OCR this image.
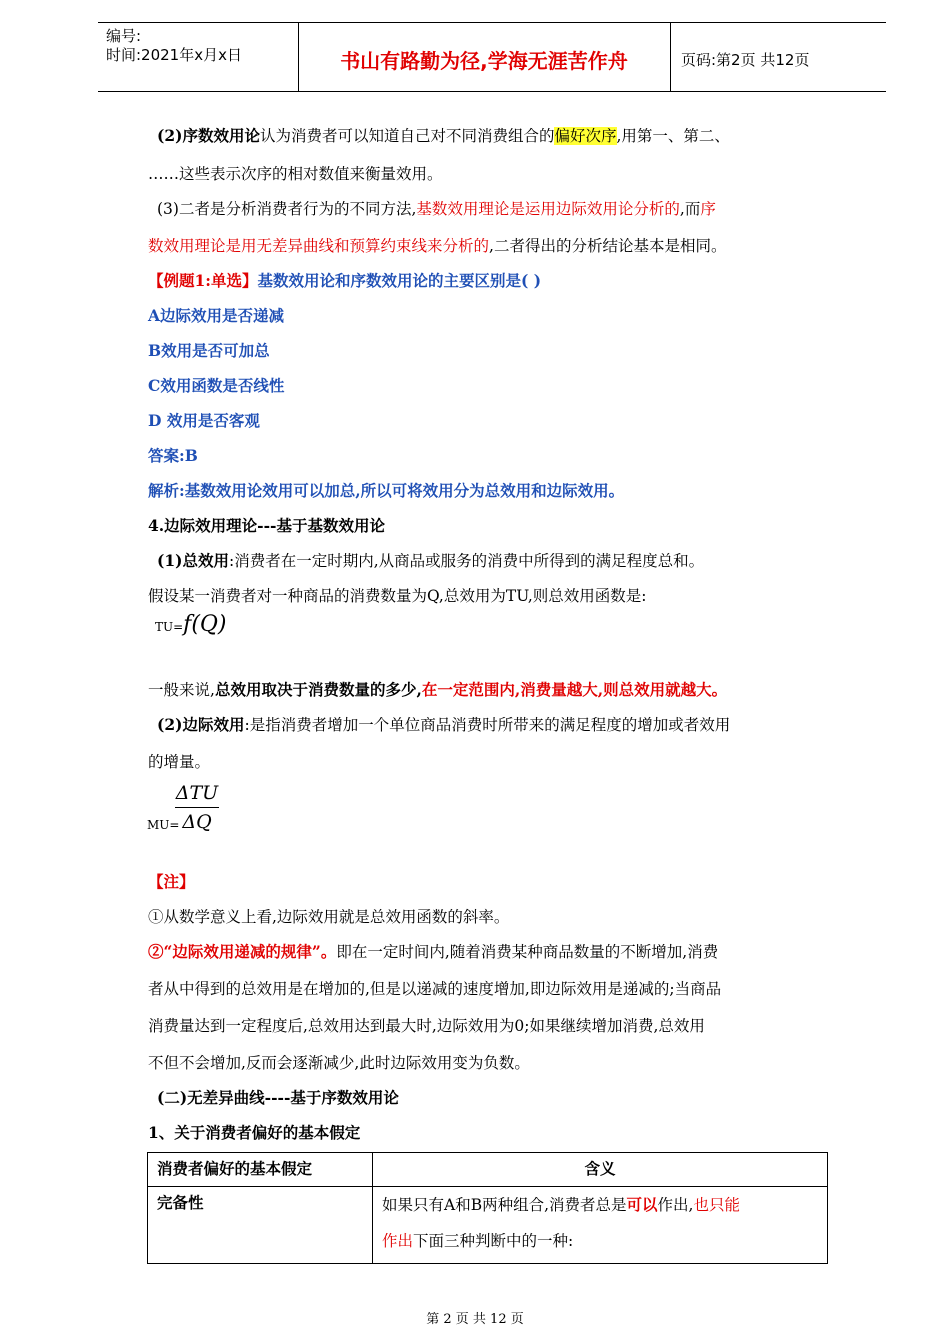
编号:
时间:2021年x月x日	书山有路勤为径,学海无涯苦作舟	页码:第2页 共12页
(2)序数效用论认为消费者可以知道自己对不同消费组合的偏好次序,用第一、第二、
……这些表示次序的相对数值来衡量效用。
(3)二者是分析消费者行为的不同方法,基数效用理论是运用边际效用论分析的,而序
数效用理论是用无差异曲线和预算约束线来分析的,二者得出的分析结论基本是相同。
【例题1:单选】基数效用论和序数效用论的主要区别是( )
A边际效用是否递减
B效用是否可加总
C效用函数是否线性
D 效用是否客观
答案:B
解析:基数效用论效用可以加总,所以可将效用分为总效用和边际效用。
4.边际效用理论---基于基数效用论
(1)总效用:消费者在一定时期内,从商品或服务的消费中所得到的满足程度总和。
假设某一消费者对一种商品的消费数量为Q,总效用为TU,则总效用函数是:
TU=f(Q)
一般来说,总效用取决于消费数量的多少,在一定范围内,消费量越大,则总效用就越大。
(2)边际效用:是指消费者增加一个单位商品消费时所带来的满足程度的增加或者效用
的增量。
MU=
ΔTU
ΔQ
【注】
①从数学意义上看,边际效用就是总效用函数的斜率。
②“边际效用递减的规律”。即在一定时间内,随着消费某种商品数量的不断增加,消费
者从中得到的总效用是在增加的,但是以递减的速度增加,即边际效用是递减的;当商品
消费量达到一定程度后,总效用达到最大时,边际效用为0;如果继续增加消费,总效用
不但不会增加,反而会逐渐减少,此时边际效用变为负数。
(二)无差异曲线----基于序数效用论
1、关于消费者偏好的基本假定
消费者偏好的基本假定	含义
完备性	如果只有A和B两种组合,消费者总是可以作出,也只能
作出下面三种判断中的一种:
第 2 页 共 12 页
